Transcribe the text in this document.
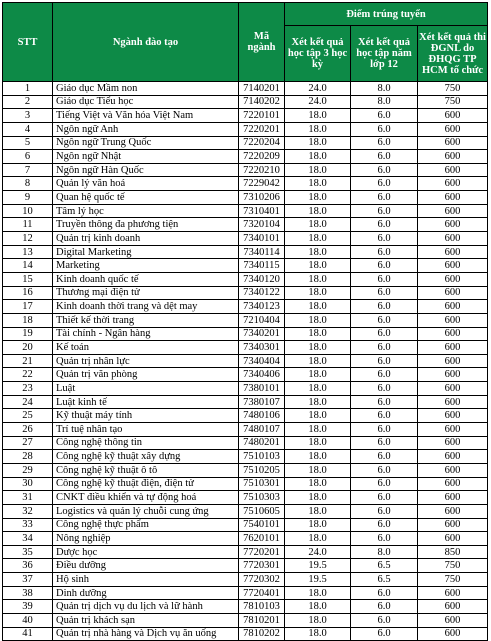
STT	Ngành đào tạo	Mã ngành	Điểm trúng tuyển		
			Xét kết quả học tập 3 học kỳ	Xét kết quả học tập năm lớp 12	Xét kết quả thi ĐGNL do ĐHQG TP HCM tổ chức
1	Giáo dục Mầm non	7140201	24.0	8.0	750
2	Giáo dục Tiểu học	7140202	24.0	8.0	750
3	Tiếng Việt và Văn hóa Việt Nam	7220101	18.0	6.0	600
4	Ngôn ngữ Anh	7220201	18.0	6.0	600
5	Ngôn ngữ Trung Quốc	7220204	18.0	6.0	600
6	Ngôn ngữ Nhật	7220209	18.0	6.0	600
7	Ngôn ngữ Hàn Quốc	7220210	18.0	6.0	600
8	Quản lý văn hoá	7229042	18.0	6.0	600
9	Quan hệ quốc tế	7310206	18.0	6.0	600
10	Tâm lý học	7310401	18.0	6.0	600
11	Truyền thông đa phương tiện	7320104	18.0	6.0	600
12	Quản trị kinh doanh	7340101	18.0	6.0	600
13	Digital Marketing	7340114	18.0	6.0	600
14	Marketing	7340115	18.0	6.0	600
15	Kinh doanh quốc tế	7340120	18.0	6.0	600
16	Thương mại điện tử	7340122	18.0	6.0	600
17	Kinh doanh thời trang và dệt may	7340123	18.0	6.0	600
18	Thiết kế thời trang	7210404	18.0	6.0	600
19	Tài chính - Ngân hàng	7340201	18.0	6.0	600
20	Kế toán	7340301	18.0	6.0	600
21	Quản trị nhân lực	7340404	18.0	6.0	600
22	Quản trị văn phòng	7340406	18.0	6.0	600
23	Luật	7380101	18.0	6.0	600
24	Luật kinh tế	7380107	18.0	6.0	600
25	Kỹ thuật máy tính	7480106	18.0	6.0	600
26	Trí tuệ nhân tạo	7480107	18.0	6.0	600
27	Công nghệ thông tin	7480201	18.0	6.0	600
28	Công nghệ kỹ thuật xây dựng	7510103	18.0	6.0	600
29	Công nghệ kỹ thuật ô tô	7510205	18.0	6.0	600
30	Công nghệ kỹ thuật điện, điện tử	7510301	18.0	6.0	600
31	CNKT điều khiển và tự động hoá	7510303	18.0	6.0	600
32	Logistics và quản lý chuỗi cung ứng	7510605	18.0	6.0	600
33	Công nghệ thực phẩm	7540101	18.0	6.0	600
34	Nông nghiệp	7620101	18.0	6.0	600
35	Dược học	7720201	24.0	8.0	850
36	Điều dưỡng	7720301	19.5	6.5	750
37	Hộ sinh	7720302	19.5	6.5	750
38	Dinh dưỡng	7720401	18.0	6.0	600
39	Quản trị dịch vụ du lịch và lữ hành	7810103	18.0	6.0	600
40	Quản trị khách sạn	7810201	18.0	6.0	600
41	Quản trị nhà hàng và Dịch vụ ăn uống	7810202	18.0	6.0	600
